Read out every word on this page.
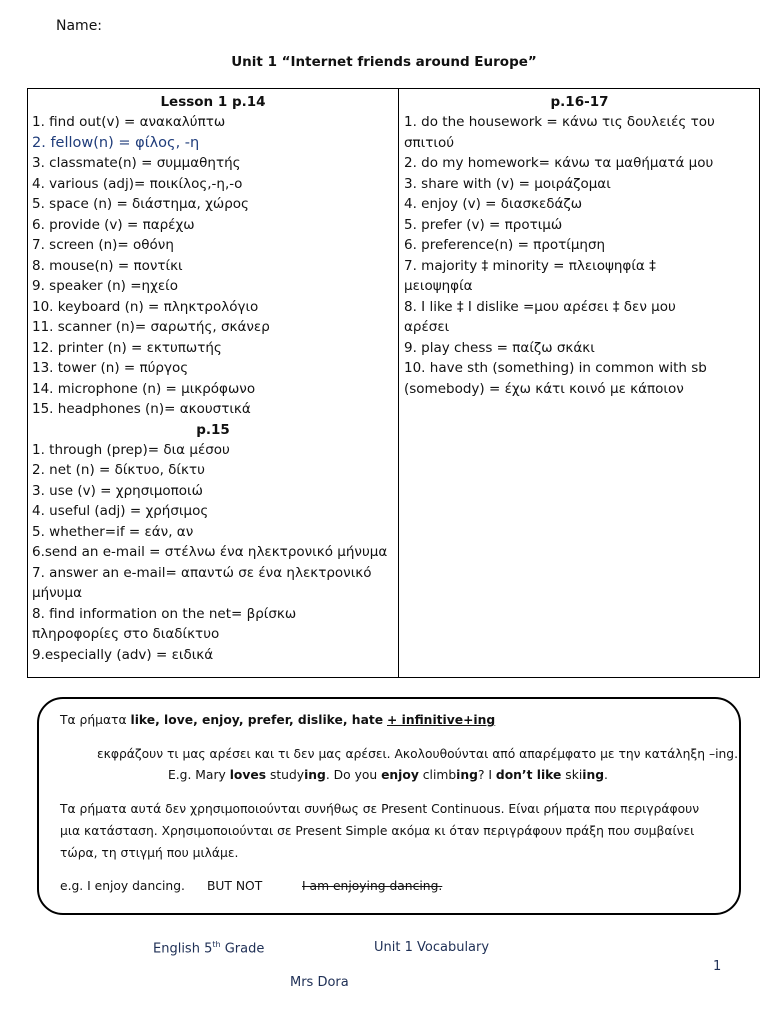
Name:
Unit 1 “Internet friends around Europe”
Lesson 1 p.14
1. find out(v) = ανακαλύπτω
2. fellow(n) = φίλος, -η
3. classmate(n) = συμμαθητής
4. various (adj)= ποικίλος,-η,-ο
5. space (n) = διάστημα, χώρος
6. provide (v) = παρέχω
7. screen (n)= οθόνη
8. mouse(n) = ποντίκι
9. speaker (n) =ηχείο
10. keyboard (n) = πληκτρολόγιο
11. scanner (n)= σαρωτής, σκάνερ
12. printer (n) = εκτυπωτής
13. tower (n) = πύργος
14. microphone (n) = μικρόφωνο
15. headphones (n)= ακουστικά
p.15
1. through (prep)= δια μέσου
2. net (n) = δίκτυο, δίκτυ
3. use (v) = χρησιμοποιώ
4. useful (adj) = χρήσιμος
5. whether=if = εάν, αν
6.send an e-mail = στέλνω ένα ηλεκτρονικό μήνυμα
7. answer an e-mail= απαντώ σε ένα ηλεκτρονικό
μήνυμα
8. find information on the net= βρίσκω
πληροφορίες στο διαδίκτυο
9.especially (adv) = ειδικά
p.16-17
1. do the housework = κάνω τις δουλειές του
σπιτιού
2. do my homework= κάνω τα μαθήματά μου
3. share with (v) = μοιράζομαι
4. enjoy (v) = διασκεδάζω
5. prefer (v) = προτιμώ
6. preference(n) = προτίμηση
7. majority ‡ minority = πλειοψηφία ‡
μειοψηφία
8. I like ‡ I dislike =μου αρέσει ‡ δεν μου
αρέσει
9. play chess = παίζω σκάκι
10. have sth (something) in common with sb
(somebody) = έχω κάτι κοινό με κάποιον
Τα ρήματα like, love, enjoy, prefer, dislike, hate + infinitive+ing
εκφράζουν τι μας αρέσει και τι δεν μας αρέσει. Ακολουθούνται από απαρέμφατο με την κατάληξη –ing.
E.g. Mary loves studying. Do you enjoy climbing? I don’t like skiing.
Τα ρήματα αυτά δεν χρησιμοποιούνται συνήθως σε Present Continuous. Είναι ρήματα που περιγράφουν
μια κατάσταση. Χρησιμοποιούνται σε Present Simple ακόμα κι όταν περιγράφουν πράξη που συμβαίνει
τώρα, τη στιγμή που μιλάμε.
e.g. I enjoy dancing. BUT NOT	I am enjoying dancing.
English 5th Grade	Unit 1 Vocabulary
1
Mrs Dora
